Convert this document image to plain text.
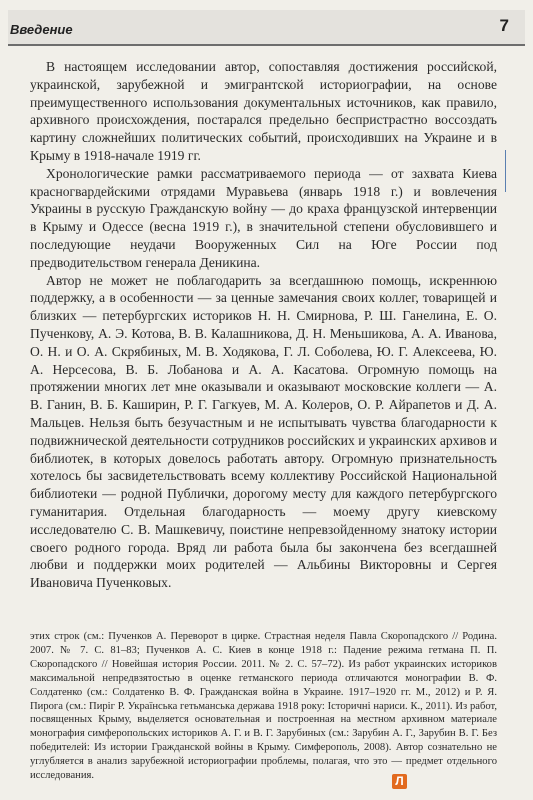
Введение	7

В настоящем исследовании автор, сопоставляя достижения российской, украинской, зарубежной и эмигрантской историографии, на основе преимущественного использования документальных источников, как правило, архивного происхождения, постарался предельно беспристрастно воссоздать картину сложнейших политических событий, происходивших на Украине и в Крыму в 1918-начале 1919 гг.

Хронологические рамки рассматриваемого периода — от захвата Киева красногвардейскими отрядами Муравьева (январь 1918 г.) и вовлечения Украины в русскую Гражданскую войну — до краха французской интервенции в Крыму и Одессе (весна 1919 г.), в значительной степени обусловившего и последующие неудачи Вооруженных Сил на Юге России под предводительством генерала Деникина.

Автор не может не поблагодарить за всегдашнюю помощь, искреннюю поддержку, а в особенности — за ценные замечания своих коллег, товарищей и близких — петербургских историков Н. Н. Смирнова, Р. Ш. Ганелина, Е. О. Пученкову, А. Э. Котова, В. В. Калашникова, Д. Н. Меньшикова, А. А. Иванова, О. Н. и О. А. Скрябиных, М. В. Ходякова, Г. Л. Соболева, Ю. Г. Алексеева, Ю. А. Нерсесова, В. Б. Лобанова и А. А. Касатова. Огромную помощь на протяжении многих лет мне оказывали и оказывают московские коллеги — А. В. Ганин, В. Б. Каширин, Р. Г. Гагкуев, М. А. Колеров, О. Р. Айрапетов и Д. А. Мальцев. Нельзя быть безучастным и не испытывать чувства благодарности к подвижнической деятельности сотрудников российских и украинских архивов и библиотек, в которых довелось работать автору. Огромную признательность хотелось бы засвидетельствовать всему коллективу Российской Национальной библиотеки — родной Публички, дорогому месту для каждого петербургского гуманитария. Отдельная благодарность — моему другу киевскому исследователю С. В. Машкевичу, поистине непревзойденному знатоку истории своего родного города. Вряд ли работа была бы закончена без всегдашней любви и поддержки моих родителей — Альбины Викторовны и Сергея Ивановича Пученковых.

этих строк (см.: Пученков А. Переворот в цирке. Страстная неделя Павла Скоропадского // Родина. 2007. № 7. С. 81–83; Пученков А. С. Киев в конце 1918 г.: Падение режима гетмана П. П. Скоропадского // Новейшая история России. 2011. № 2. С. 57–72). Из работ украинских историков максимальной непредвзятостью в оценке гетманского периода отличаются монографии В. Ф. Солдатенко (см.: Солдатенко В. Ф. Гражданская война в Украине. 1917–1920 гг. М., 2012) и Р. Я. Пирога (см.: Пиріг Р. Українська гетьманська держава 1918 року: Історичні нариси. К., 2011). Из работ, посвященных Крыму, выделяется основательная и построенная на местном архивном материале монография симферопольских историков А. Г. и В. Г. Зарубиных (см.: Зарубин А. Г., Зарубин В. Г. Без победителей: Из истории Гражданской войны в Крыму. Симферополь, 2008). Автор сознательно не углубляется в анализ зарубежной историографии проблемы, полагая, что это — предмет отдельного исследования.	Л
